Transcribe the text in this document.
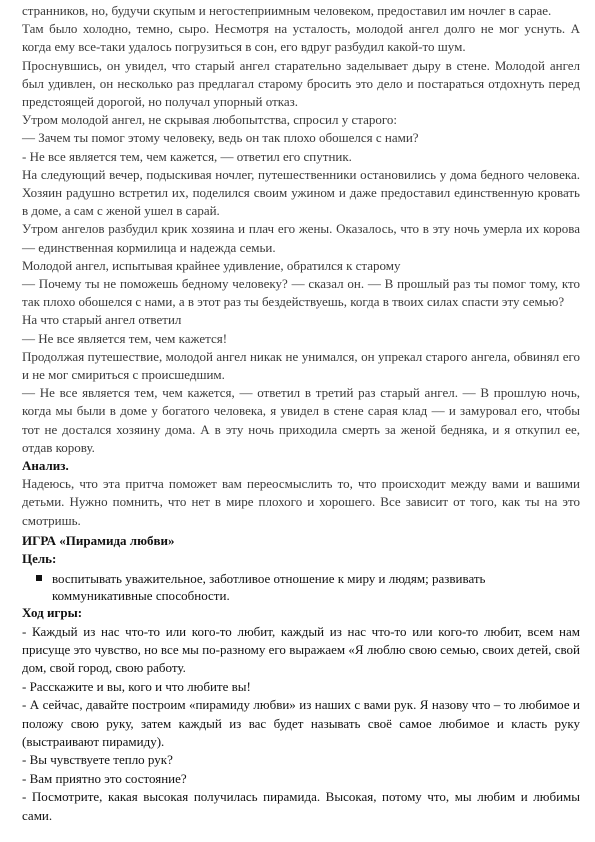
странников, но, будучи скупым и негостеприимным человеком, предоставил им ночлег в сарае.

Там было холодно, темно, сыро. Несмотря на усталость, молодой ангел долго не мог уснуть. А когда ему все-таки удалось погрузиться в сон, его вдруг разбудил какой-то шум.

Проснувшись, он увидел, что старый ангел старательно заделывает дыру в стене. Молодой ангел был удивлен, он несколько раз предлагал старому бросить это дело и постараться отдохнуть перед предстоящей дорогой, но получал упорный отказ.

Утром молодой ангел, не скрывая любопытства, спросил у старого:

— Зачем ты помог этому человеку, ведь он так плохо обошелся с нами?

- Не все является тем, чем кажется, — ответил его спутник.

На следующий вечер, подыскивая ночлег, путешественники остановились у дома бедного человека. Хозяин радушно встретил их, поделился своим ужином и даже предоставил единственную кровать в доме, а сам с женой ушел в сарай.

Утром ангелов разбудил крик хозяина и плач его жены. Оказалось, что в эту ночь умерла их корова — единственная кормилица и надежда семьи.

Молодой ангел, испытывая крайнее удивление, обратился к старому

— Почему ты не поможешь бедному человеку? — сказал он. — В прошлый раз ты помог тому, кто так плохо обошелся с нами, а в этот раз ты бездействуешь, когда в твоих силах спасти эту семью?

На что старый ангел ответил

— Не все является тем, чем кажется!

Продолжая путешествие, молодой ангел никак не унимался, он упрекал старого ангела, обвинял его и не мог смириться с происшедшим.

— Не все является тем, чем кажется, — ответил в третий раз старый ангел. — В прошлую ночь, когда мы были в доме у богатого человека, я увидел в стене сарая клад — и замуровал его, чтобы тот не достался хозяину дома. А в эту ночь приходила смерть за женой бедняка, и я откупил ее, отдав корову.

Анализ.

Надеюсь, что эта притча поможет вам переосмыслить то, что происходит между вами и вашими детьми. Нужно помнить, что нет в мире плохого и хорошего. Все зависит от того, как ты на это смотришь.

ИГРА «Пирамида любви»

Цель:

воспитывать уважительное, заботливое отношение к миру и людям; развивать коммуникативные способности.

Ход игры:

- Каждый из нас что-то или кого-то любит, каждый из нас что-то или кого-то любит, всем нам присуще это чувство, но все мы по-разному его выражаем «Я люблю свою семью, своих детей, свой дом, свой город, свою работу.

- Расскажите и вы, кого и что любите вы!

- А сейчас, давайте построим «пирамиду любви» из наших с вами рук. Я назову что – то любимое и положу свою руку, затем каждый из вас будет называть своё самое любимое и класть руку (выстраивают пирамиду).

- Вы чувствуете тепло рук?

- Вам приятно это состояние?

- Посмотрите, какая высокая получилась пирамида. Высокая, потому что, мы любим и любимы сами.
